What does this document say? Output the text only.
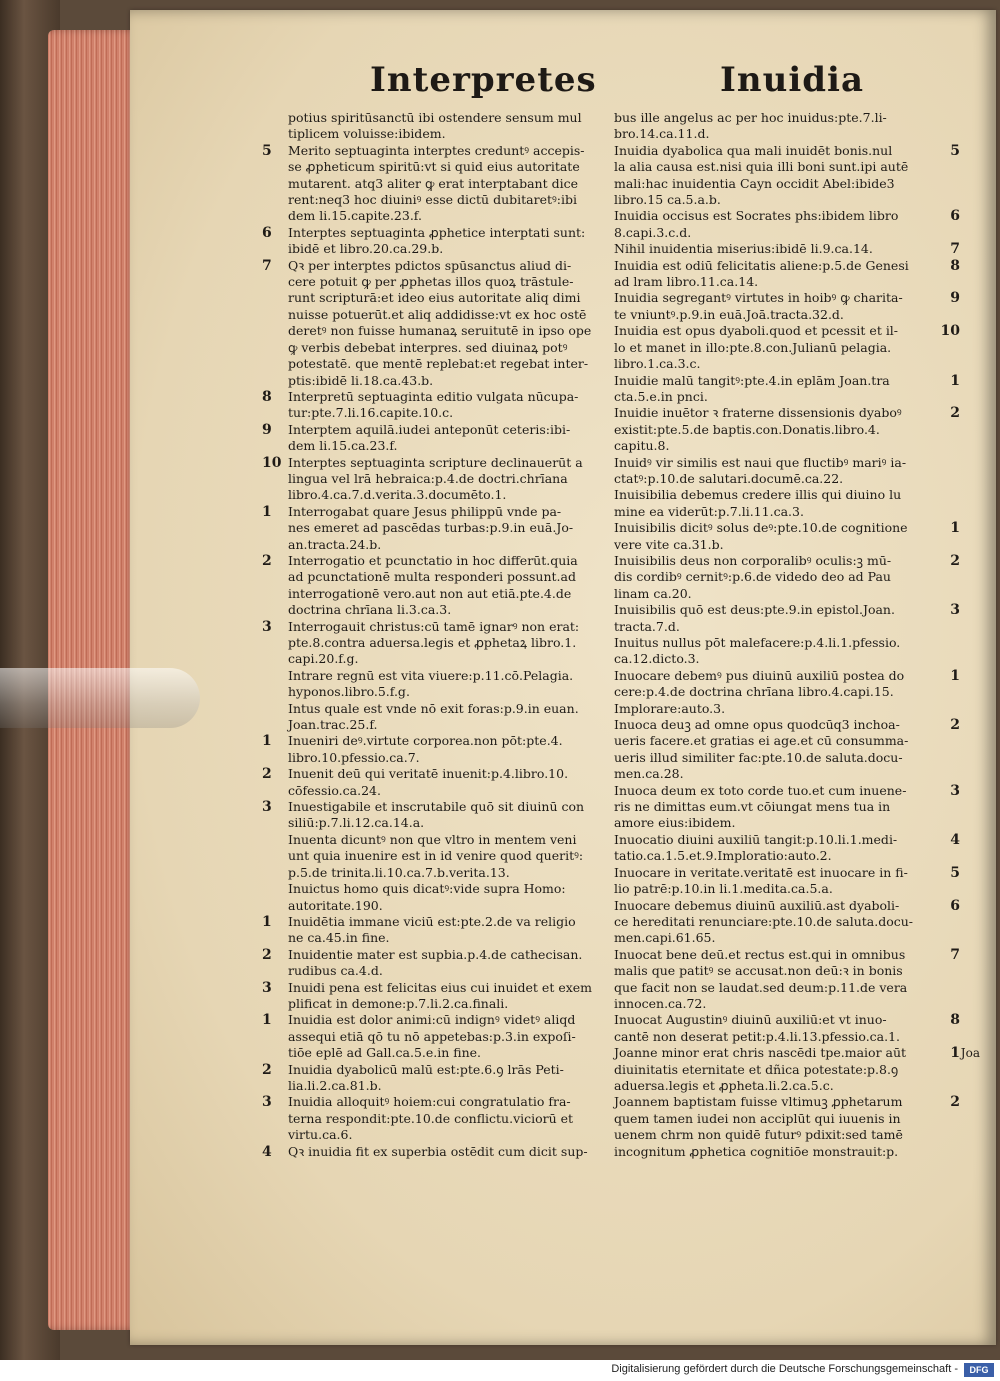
Interpretes	Inuidia
potius spiritūsanctū ibi ostendere sensum mul
tiplicem voluisse:ibidem.
5 Merito septuaginta interptes creduntꝰ accepis-
se ꝓpheticum spiritū:vt si quid eius autoritate
mutarent. atq3 aliter ꝙ erat interptabant dice
rent:neq3 hoc diuiniꝰ esse dictū dubitaretꝰ:ibi
dem li.15.capite.23.f.
6 Interptes septuaginta ꝓphetice interptati sunt:
ibidē et libro.20.ca.29.b.
7 Qꝛ per interptes pdictos spūsanctus aliud di-
cere potuit ꝙ per ꝓphetas illos quoꝝ trāstule-
runt scripturā:et ideo eius autoritate aliq dimi
nuisse potuerūt.et aliq addidisse:vt ex hoc ostē
deretꝰ non fuisse humanaꝝ seruitutē in ipso ope
ꝙ verbis debebat interpres. sed diuinaꝝ potꝰ
potestatē. que mentē replebat:et regebat inter-
ptis:ibidē li.18.ca.43.b.
8 Interpretū septuaginta editio vulgata nūcupa-
tur:pte.7.li.16.capite.10.c.
9 Interptem aquilā.iudei anteponūt ceteris:ibi-
dem li.15.ca.23.f.
10 Interptes septuaginta scripture declinauerūt a
lingua vel lrā hebraica:p.4.de doctri.chrīana
libro.4.ca.7.d.verita.3.documēto.1.
1 Interrogabat quare Jesus philippū vnde pa-
nes emeret ad pascēdas turbas:p.9.in euā.Jo-
an.tracta.24.b.
2 Interrogatio et pcunctatio in hoc differūt.quia
ad pcunctationē multa responderi possunt.ad
interrogationē vero.aut non aut etiā.pte.4.de
doctrina chrīana li.3.ca.3.
3 Interrogauit christus:cū tamē ignarꝰ non erat:
pte.8.contra aduersa.legis et ꝓphetaꝝ libro.1.
capi.20.f.g.
Intrare regnū est vita viuere:p.11.cō.Pelagia.
hyponos.libro.5.f.g.
Intus quale est vnde nō exit foras:p.9.in euan.
Joan.trac.25.f.
1 Inueniri deꝰ.virtute corporea.non pōt:pte.4.
libro.10.pfessio.ca.7.
2 Inuenit deū qui veritatē inuenit:p.4.libro.10.
cōfessio.ca.24.
3 Inuestigabile et inscrutabile quō sit diuinū con
siliū:p.7.li.12.ca.14.a.
Inuenta dicuntꝰ non que vltro in mentem veni
unt quia inuenire est in id venire quod queritꝰ:
p.5.de trinita.li.10.ca.7.b.verita.13.
Inuictus homo quis dicatꝰ:vide supra Homo:
autoritate.190.
1 Inuidētia immane viciū est:pte.2.de va religio
ne ca.45.in fine.
2 Inuidentie mater est supbia.p.4.de cathecisan.
rudibus ca.4.d.
3 Inuidi pena est felicitas eius cui inuidet et exem
plificat in demone:p.7.li.2.ca.finali.
1 Inuidia est dolor animi:cū indignꝰ videtꝰ aliqd
assequi etiā qō tu nō appetebas:p.3.in expoſi-
tiōe eplē ad Gall.ca.5.e.in fine.
2 Inuidia dyabolicū malū est:pte.6.ꝯ lrās Peti-
lia.li.2.ca.81.b.
3 Inuidia alloquitꝰ hoiem:cui congratulatio fra-
terna respondit:pte.10.de conflictu.viciorū et
virtu.ca.6.
4 Qꝛ inuidia fit ex superbia ostēdit cum dicit sup-
bus ille angelus ac per hoc inuidus:pte.7.li-
bro.14.ca.11.d.
5
Inuidia dyabolica qua mali inuidēt bonis.nul
la alia causa est.nisi quia illi boni sunt.ipi autē
mali:hac inuidentia Cayn occidit Abel:ibide3
libro.15 ca.5.a.b.
6
Inuidia occisus est Socrates phs:ibidem libro
8.capi.3.c.d.
7
Nihil inuidentia miserius:ibidē li.9.ca.14.
8
Inuidia est odiū felicitatis aliene:p.5.de Genesi
ad lram libro.11.ca.14.
9
Inuidia segregantꝰ virtutes in hoibꝰ ꝙ charita-
te vniuntꝰ.p.9.in euā.Joā.tracta.32.d.
10
Inuidia est opus dyaboli.quod et pcessit et il-
lo et manet in illo:pte.8.con.Julianū pelagia.
libro.1.ca.3.c.
1
Inuidie malū tangitꝰ:pte.4.in eplām Joan.tra
cta.5.e.in pnci.
2
Inuidie inuētor ꝛ fraterne dissensionis dyaboꝰ
existit:pte.5.de baptis.con.Donatis.libro.4.
capitu.8.
Inuidꝰ vir similis est naui que fluctibꝰ mariꝰ ia-
ctatꝰ:p.10.de salutari.documē.ca.22.
Inuisibilia debemus credere illis qui diuino lu
mine ea viderūt:p.7.li.11.ca.3.
1
Inuisibilis dicitꝰ solus deꝰ:pte.10.de cognitione
vere vite ca.31.b.
2
Inuisibilis deus non corporalibꝰ oculis:ꝫ mū-
dis cordibꝰ cernitꝰ:p.6.de videdo deo ad Pau
linam ca.20.
3
Inuisibilis quō est deus:pte.9.in epistol.Joan.
tracta.7.d.
Inuitus nullus pōt malefacere:p.4.li.1.pfessio.
ca.12.dicto.3.
1
Inuocare debemꝰ pus diuinū auxiliū postea do
cere:p.4.de doctrina chrīana libro.4.capi.15.
Implorare:auto.3.
2
Inuoca deuꝫ ad omne opus quodcūq3 inchoa-
ueris facere.et gratias ei age.et cū consumma-
ueris illud similiter fac:pte.10.de saluta.docu-
men.ca.28.
3
Inuoca deum ex toto corde tuo.et cum inuene-
ris ne dimittas eum.vt cōiungat mens tua in
amore eius:ibidem.
4
Inuocatio diuini auxiliū tangit:p.10.li.1.medi-
tatio.ca.1.5.et.9.Imploratio:auto.2.
5
Inuocare in veritate.veritatē est inuocare in fi-
lio patrē:p.10.in li.1.medita.ca.5.a.
6
Inuocare debemus diuinū auxiliū.ast dyaboli-
ce hereditati renunciare:pte.10.de saluta.docu-
men.capi.61.65.
7
Inuocat bene deū.et rectus est.qui in omnibus
malis que patitꝰ se accusat.non deū:ꝛ in bonis
que facit non se laudat.sed deum:p.11.de vera
innocen.ca.72.
8
Inuocat Augustinꝰ diuinū auxiliū:et vt inuo-
cantē non deserat petit:p.4.li.13.pfessio.ca.1.
1 Joa
Joanne minor erat chris nascēdi tpe.maior aūt
diuinitatis eternitate et dñica potestate:p.8.ꝯ
aduersa.legis et ꝓpheta.li.2.ca.5.c.
2
Joannem baptistam fuisse vltimuꝫ ꝓphetarum
quem tamen iudei non acciplūt qui iuuenis in
uenem chrm non quidē futurꝰ pdixit:sed tamē
incognitum ꝓphetica cognitiōe monstrauit:p.
Digitalisierung gefördert durch die Deutsche Forschungsgemeinschaft -	DFG
